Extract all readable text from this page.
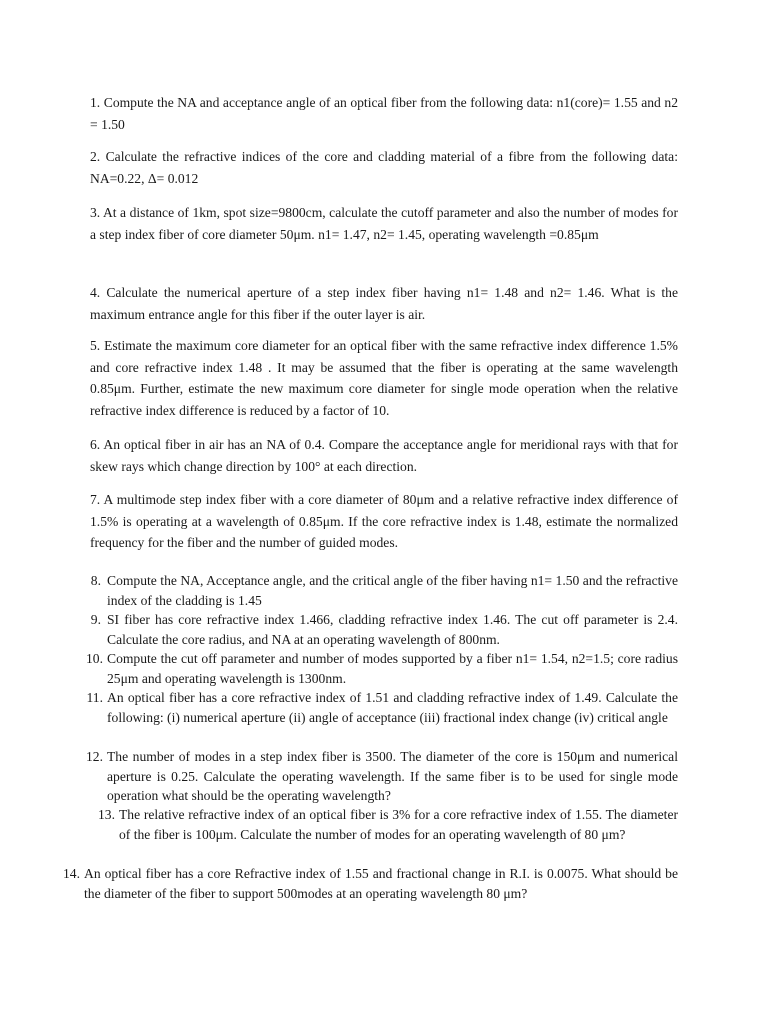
1. Compute the NA and acceptance angle of an optical fiber from the following data: n1(core)= 1.55 and n2 = 1.50

2. Calculate the refractive indices of the core and cladding material of a fibre from the following data: NA=0.22, Δ= 0.012

3. At a distance of 1km, spot size=9800cm, calculate the cutoff parameter and also the number of modes for a step index fiber of core diameter 50μm. n1= 1.47, n2= 1.45, operating wavelength =0.85μm

4. Calculate the numerical aperture of a step index fiber having n1= 1.48 and n2= 1.46. What is the maximum entrance angle for this fiber if the outer layer is air.

5. Estimate the maximum core diameter for an optical fiber with the same refractive index difference 1.5% and core refractive index 1.48 . It may be assumed that the fiber is operating at the same wavelength 0.85μm. Further, estimate the new maximum core diameter for single mode operation when the relative refractive index difference is reduced by a factor of 10.

6. An optical fiber in air has an NA of 0.4. Compare the acceptance angle for meridional rays with that for skew rays which change direction by 100° at each direction.

7. A multimode step index fiber with a core diameter of 80μm and a relative refractive index difference of 1.5% is operating at a wavelength of 0.85μm. If the core refractive index is 1.48, estimate the normalized frequency for the fiber and the number of guided modes.

8. Compute the NA, Acceptance angle, and the critical angle of the fiber having n1= 1.50 and the refractive index of the cladding is 1.45
9. SI fiber has core refractive index 1.466, cladding refractive index 1.46. The cut off parameter is 2.4. Calculate the core radius, and NA at an operating wavelength of 800nm.
10. Compute the cut off parameter and number of modes supported by a fiber n1= 1.54, n2=1.5; core radius 25μm and operating wavelength is 1300nm.
11. An optical fiber has a core refractive index of 1.51 and cladding refractive index of 1.49. Calculate the following: (i) numerical aperture (ii) angle of acceptance (iii) fractional index change (iv) critical angle
12. The number of modes in a step index fiber is 3500. The diameter of the core is 150μm and numerical aperture is 0.25. Calculate the operating wavelength. If the same fiber is to be used for single mode operation what should be the operating wavelength?
13. The relative refractive index of an optical fiber is 3% for a core refractive index of 1.55. The diameter of the fiber is 100μm. Calculate the number of modes for an operating wavelength of 80 μm?
14. An optical fiber has a core Refractive index of 1.55 and fractional change in R.I. is 0.0075. What should be the diameter of the fiber to support 500modes at an operating wavelength 80 μm?
